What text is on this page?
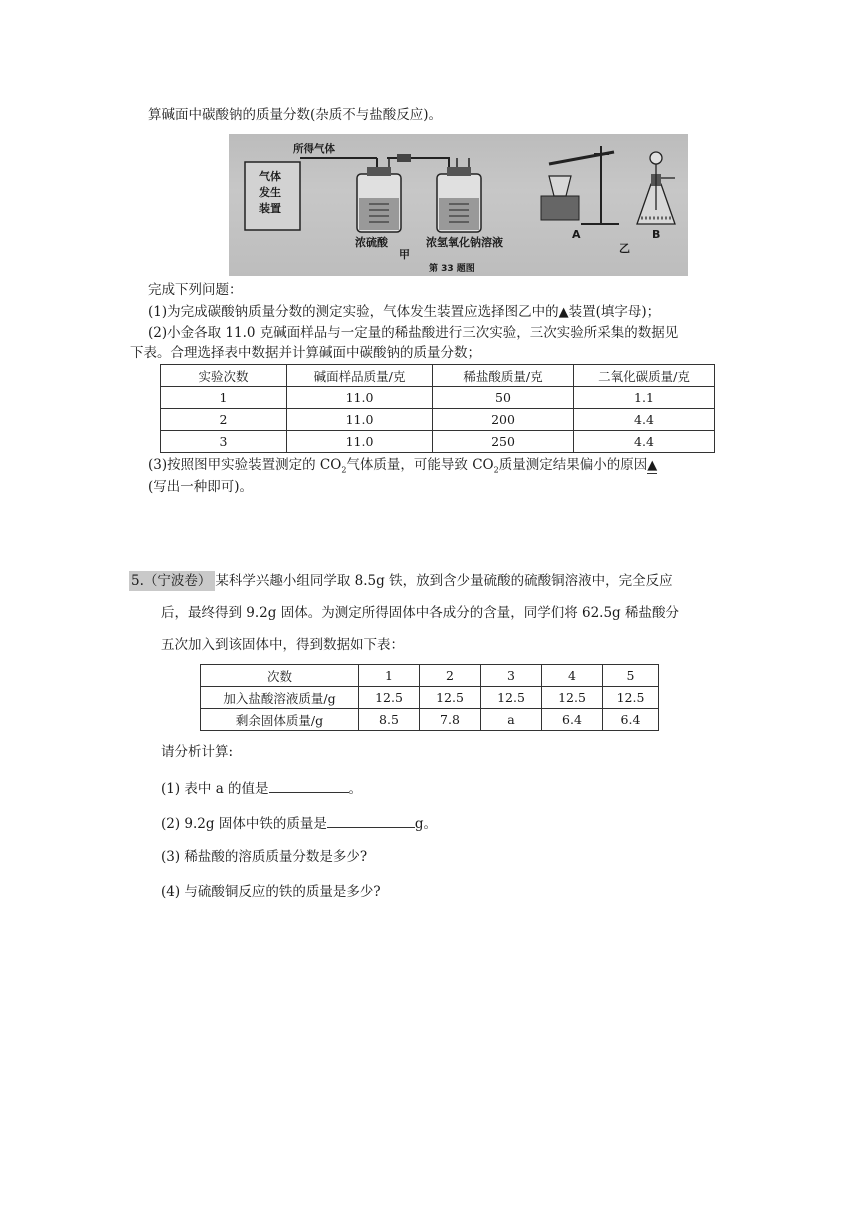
算碱面中碳酸钠的质量分数(杂质不与盐酸反应)。
气体
发生
装置
所得气体
浓硫酸	浓氢氧化钠溶液
甲
A	B
乙
第 33 题图
完成下列问题：
(1)为完成碳酸钠质量分数的测定实验，气体发生装置应选择图乙中的▲装置(填字母)；
(2)小金各取 11.0 克碱面样品与一定量的稀盐酸进行三次实验，三次实验所采集的数据见
下表。合理选择表中数据并计算碱面中碳酸钠的质量分数；
实验次数	碱面样品质量/克	稀盐酸质量/克	二氧化碳质量/克
1	11.0	50	1.1
2	11.0	200	4.4
3	11.0	250	4.4
(3)按照图甲实验装置测定的 $CO_2$气体质量，可能导致 $CO_2$质量测定结果偏小的原因▲
(写出一种即可)。
5.（宁波卷） 某科学兴趣小组同学取 8.5g 铁，放到含少量硫酸的硫酸铜溶液中，完全反应
后，最终得到 9.2g 固体。为测定所得固体中各成分的含量，同学们将 62.5g 稀盐酸分
五次加入到该固体中，得到数据如下表：
次数	1	2	3	4	5
加入盐酸溶液质量/g	12.5	12.5	12.5	12.5	12.5
剩余固体质量/g	8.5	7.8	a	6.4	6.4
请分析计算:
(1) 表中 a 的值是	。
(2) 9.2g 固体中铁的质量是	g。
(3) 稀盐酸的溶质质量分数是多少?
(4) 与硫酸铜反应的铁的质量是多少?
